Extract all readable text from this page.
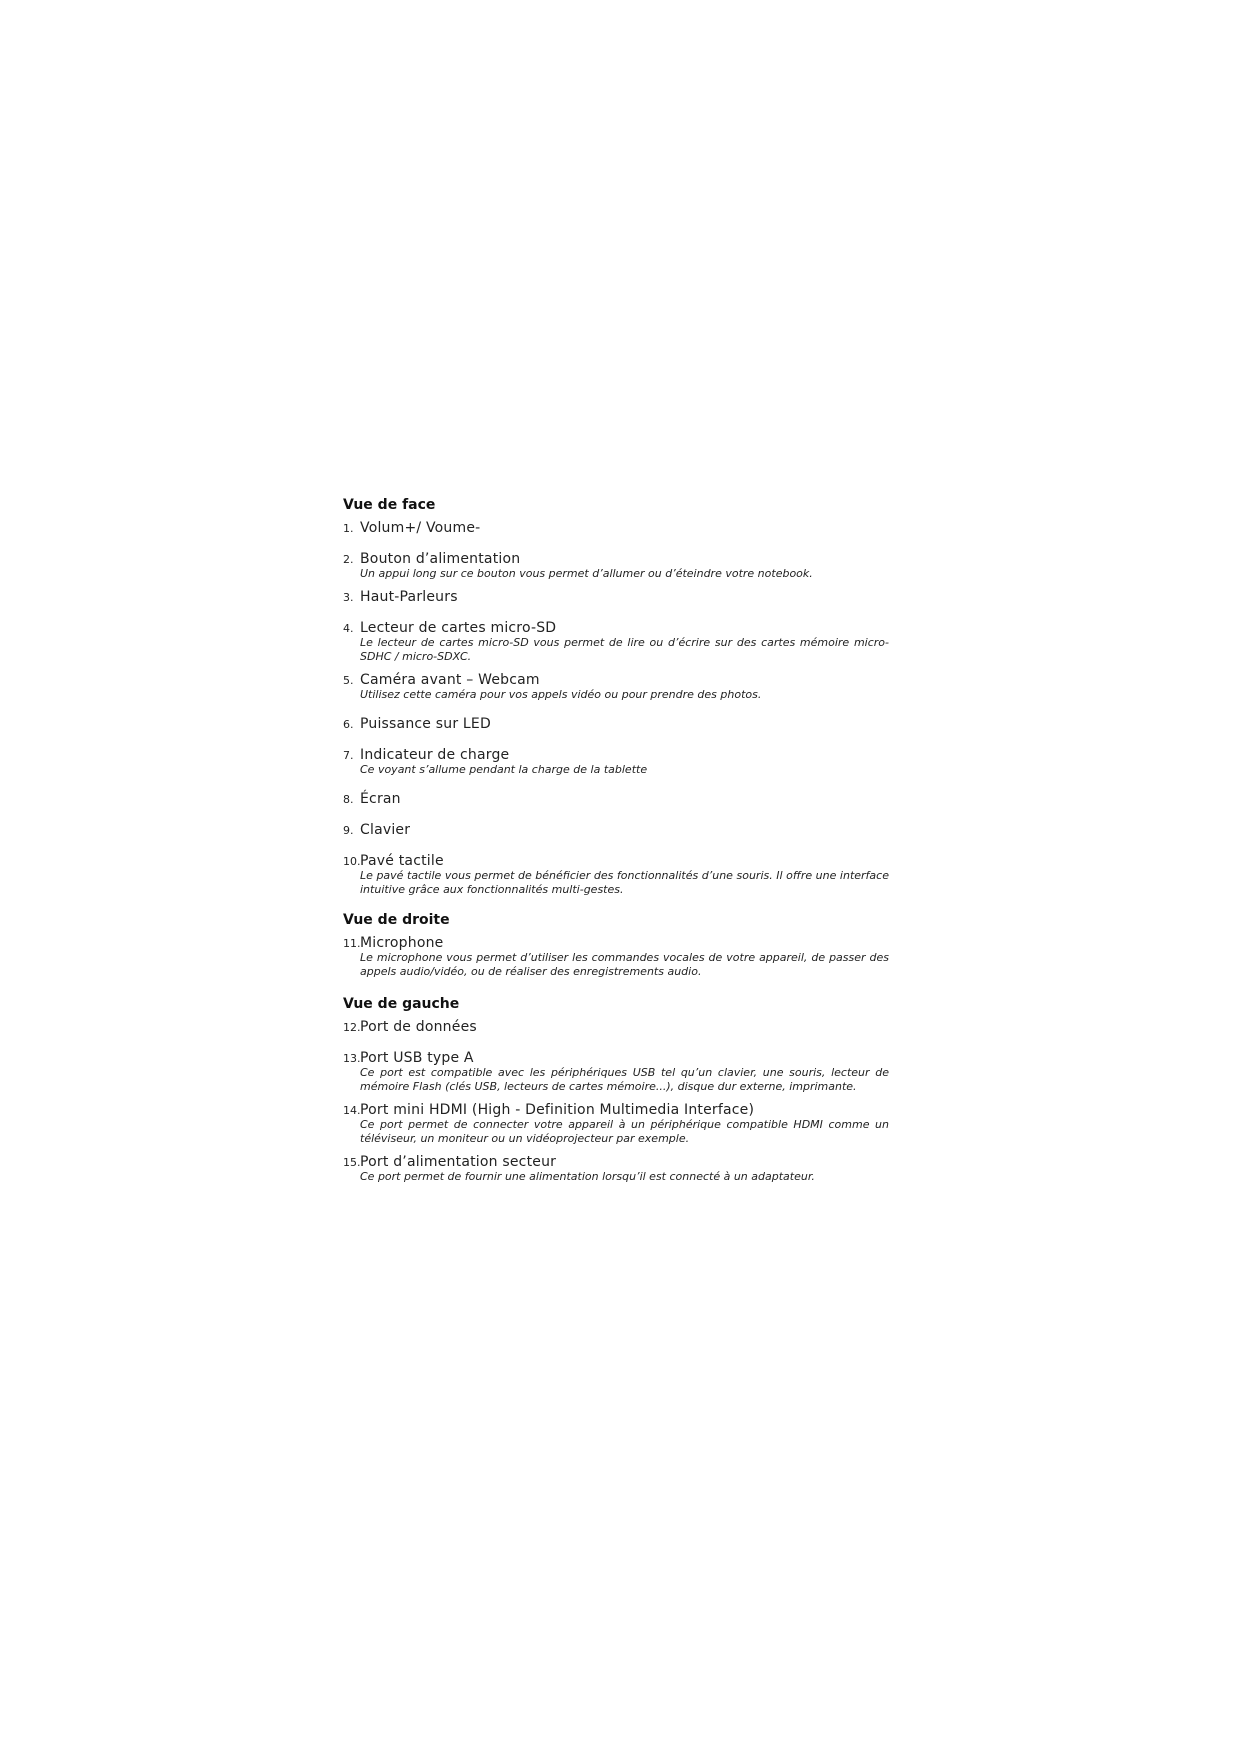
Vue de face
1. Volum+/ Voume-
2. Bouton d’alimentation
Un appui long sur ce bouton vous permet d’allumer ou d’éteindre votre notebook.
3. Haut-Parleurs
4. Lecteur de cartes micro-SD
Le lecteur de cartes micro-SD vous permet de lire ou d’écrire sur des cartes mémoire micro-SDHC / micro-SDXC.
5. Caméra avant – Webcam
Utilisez cette caméra pour vos appels vidéo ou pour prendre des photos.
6. Puissance sur LED
7. Indicateur de charge
Ce voyant s’allume pendant la charge de la tablette
8. Écran
9. Clavier
10. Pavé tactile
Le pavé tactile vous permet de bénéficier des fonctionnalités d’une souris. Il offre une interface intuitive grâce aux fonctionnalités multi-gestes.
Vue de droite
11. Microphone
Le microphone vous permet d’utiliser les commandes vocales de votre appareil, de passer des appels audio/vidéo, ou de réaliser des enregistrements audio.
Vue de gauche
12. Port de données
13. Port USB type A
Ce port est compatible avec les périphériques USB tel qu’un clavier, une souris, lecteur de mémoire Flash (clés USB, lecteurs de cartes mémoire...), disque dur externe, imprimante.
14. Port mini HDMI (High - Definition Multimedia Interface)
Ce port permet de connecter votre appareil à un périphérique compatible HDMI comme un téléviseur, un moniteur ou un vidéoprojecteur par exemple.
15. Port d’alimentation secteur
Ce port permet de fournir une alimentation lorsqu’il est connecté à un adaptateur.
